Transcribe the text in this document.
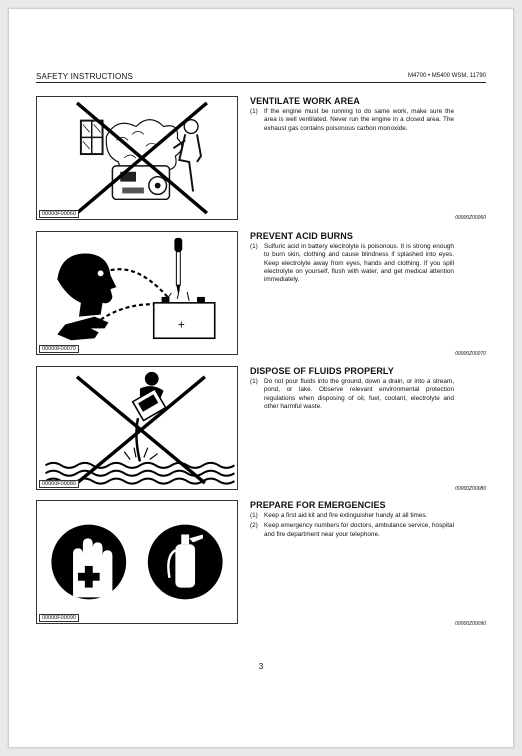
SAFETY INSTRUCTIONS	M4700 • M5400 WSM, 11790
00000F00060
VENTILATE WORK AREA
(1) If the engine must be running to do same work, make sure the area is well ventilated. Never run the engine in a closed area. The exhaust gas contains poisonous carbon monoxide.
00000Z00060
+
00000F00070
PREVENT ACID BURNS
(1) Sulfuric acid in battery electrolyte is poisonous. It is strong enough to burn skin, clothing and cause blindness if splashed into eyes. Keep electrolyte away from eyes, hands and clothing. If you spill electrolyte on yourself, flush with water, and get medical attention immediately.
00000Z00070
00000F00080
DISPOSE OF FLUIDS PROPERLY
(1) Do not pour fluids into the ground, down a drain, or into a stream, pond, or lake. Observe relevant environmental protection regulations when disposing of oil, fuel, coolant, electrolyte and other harmful waste.
00000Z00080
00000F00090
PREPARE FOR EMERGENCIES
(1) Keep a first aid kit and fire extinguisher handy at all times.
(2) Keep emergency numbers for doctors, ambulance service, hospital and fire department near your telephone.
00000Z00090
3
